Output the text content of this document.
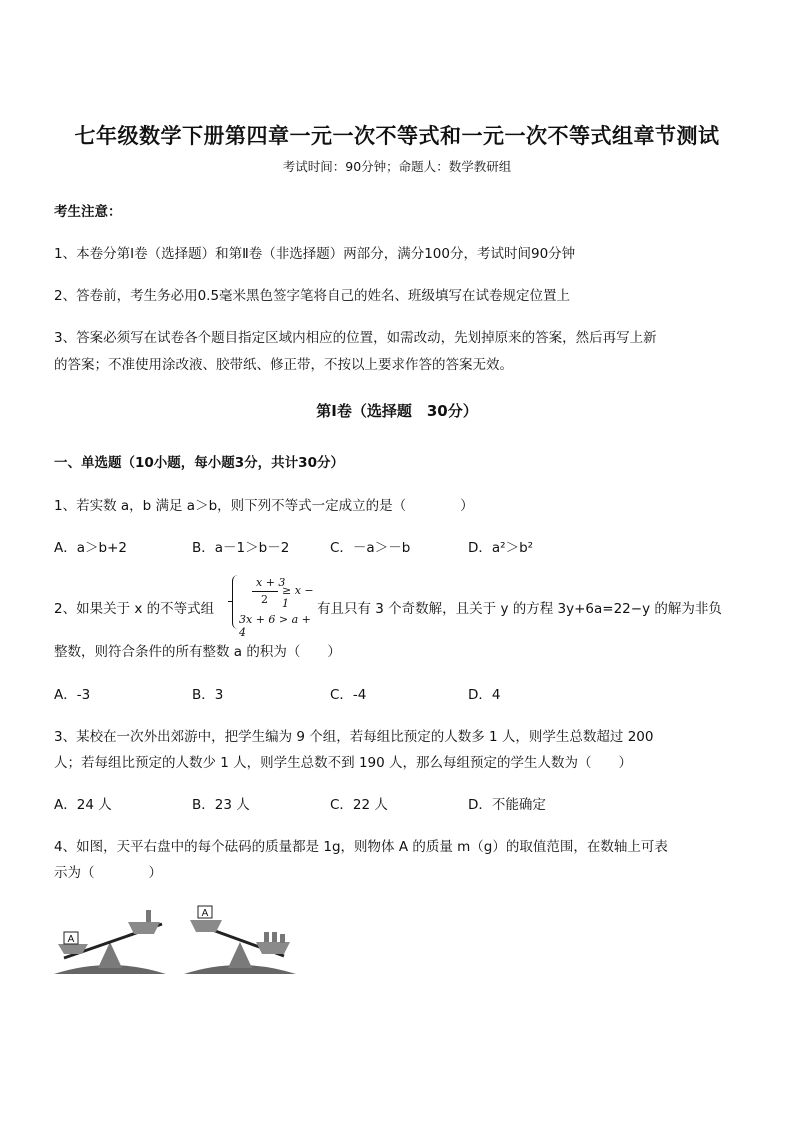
七年级数学下册第四章一元一次不等式和一元一次不等式组章节测试
考试时间：90分钟；命题人：数学教研组
考生注意：
1、本卷分第Ⅰ卷（选择题）和第Ⅱ卷（非选择题）两部分，满分100分，考试时间90分钟
2、答卷前，考生务必用0.5毫米黑色签字笔将自己的姓名、班级填写在试卷规定位置上
3、答案必须写在试卷各个题目指定区域内相应的位置，如需改动，先划掉原来的答案，然后再写上新
的答案；不准使用涂改液、胶带纸、修正带，不按以上要求作答的答案无效。
第Ⅰ卷（选择题　30分）
一、单选题（10小题，每小题3分，共计30分）
1、若实数 a，b 满足 a＞b，则下列不等式一定成立的是（　　　　）
A．a＞b+2	B．a－1＞b－2	C．－a＞－b	D．a²＞b²
2、如果关于 x 的不等式组
x + 3
2
≥ x − 1
3x + 6 > a + 4
有且只有 3 个奇数解，且关于 y 的方程 3y+6a=22−y 的解为非负
整数，则符合条件的所有整数 a 的积为（　　）
A．-3	B．3	C．-4	D．4
3、某校在一次外出郊游中，把学生编为 9 个组，若每组比预定的人数多 1 人，则学生总数超过 200
人；若每组比预定的人数少 1 人，则学生总数不到 190 人，那么每组预定的学生人数为（　　）
A．24 人	B．23 人	C．22 人	D．不能确定
4、如图，天平右盘中的每个砝码的质量都是 1g，则物体 A 的质量 m（g）的取值范围，在数轴上可表
示为（　　　　）
A
A
